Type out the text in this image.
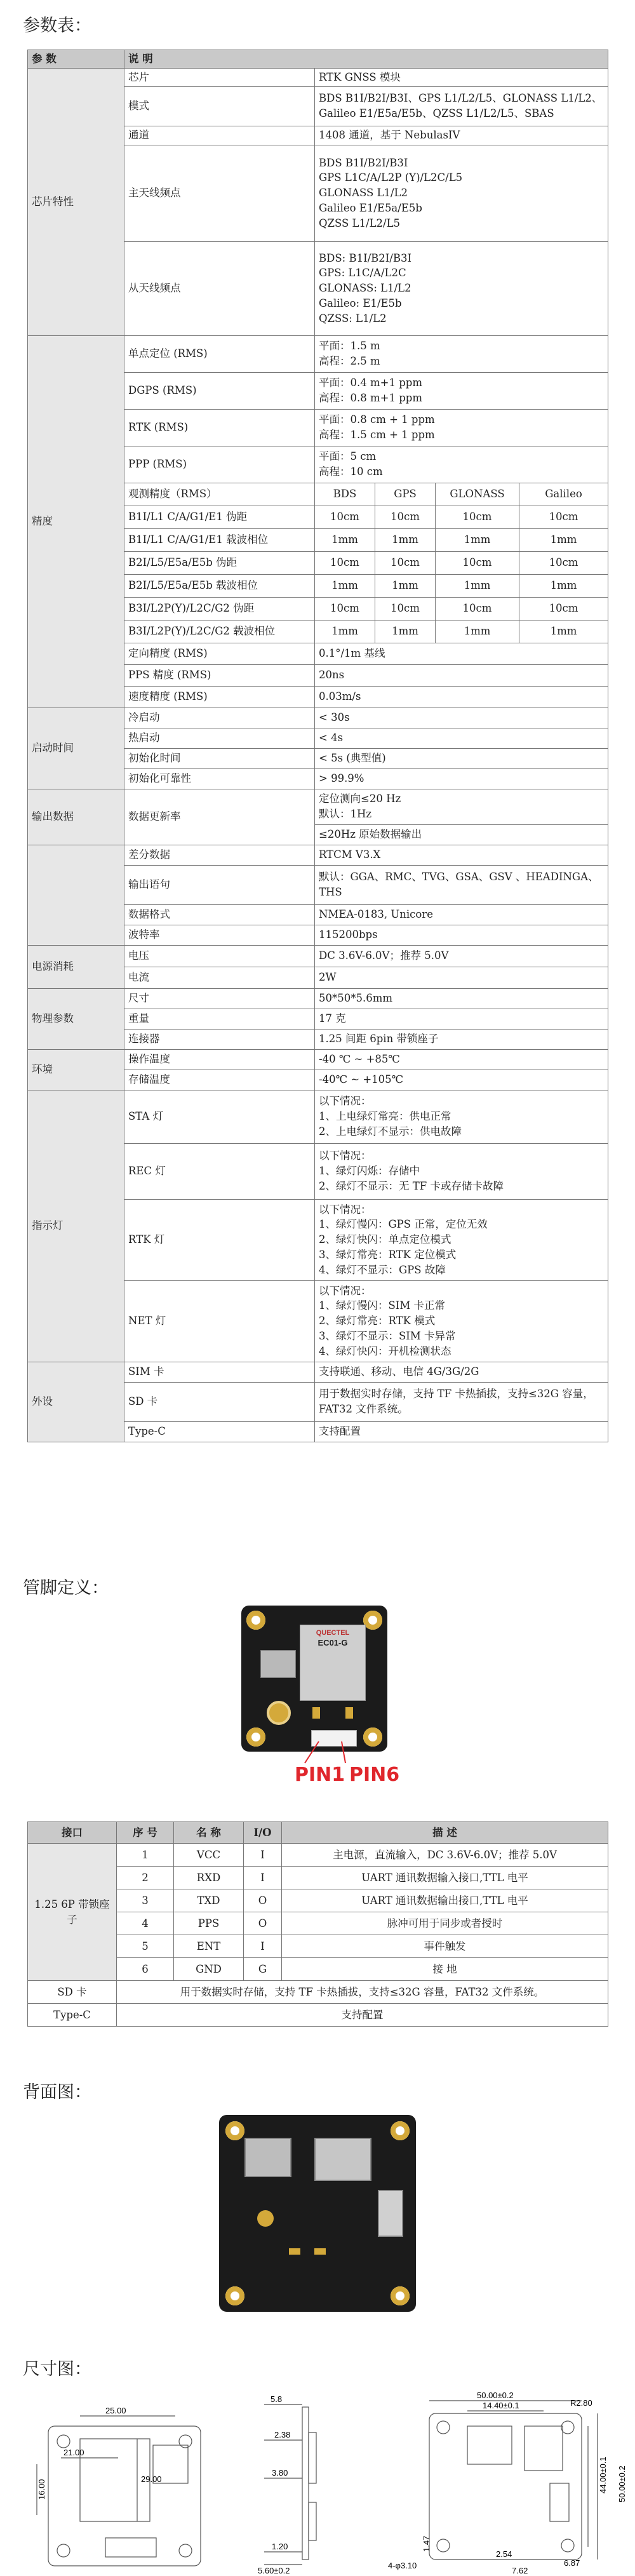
参数表：
参 数	说 明				
芯片特性	芯片	RTK GNSS 模块			
	模式	BDS B1I/B2I/B3I、GPS L1/L2/L5、GLONASS L1/L2、Galileo E1/E5a/E5b、QZSS L1/L2/L5、SBAS			
	通道	1408 通道，基于 NebulasIV			
	主天线频点	BDS B1I/B2I/B3I
GPS L1C/A/L2P (Y)/L2C/L5
GLONASS L1/L2
Galileo E1/E5a/E5b
QZSS L1/L2/L5			
	从天线频点	BDS: B1I/B2I/B3I
GPS: L1C/A/L2C
GLONASS: L1/L2
Galileo: E1/E5b
QZSS: L1/L2			
精度	单点定位 (RMS)	平面：1.5 m
高程：2.5 m			
	DGPS (RMS)	平面：0.4 m+1 ppm
高程：0.8 m+1 ppm			
	RTK (RMS)	平面：0.8 cm + 1 ppm
高程：1.5 cm + 1 ppm			
	PPP (RMS)	平面：5 cm
高程：10 cm			
	观测精度（RMS）	BDS	GPS	GLONASS	Galileo
	B1I/L1 C/A/G1/E1 伪距	10cm	10cm	10cm	10cm
	B1I/L1 C/A/G1/E1 载波相位	1mm	1mm	1mm	1mm
	B2I/L5/E5a/E5b 伪距	10cm	10cm	10cm	10cm
	B2I/L5/E5a/E5b 载波相位	1mm	1mm	1mm	1mm
	B3I/L2P(Y)/L2C/G2 伪距	10cm	10cm	10cm	10cm
	B3I/L2P(Y)/L2C/G2 载波相位	1mm	1mm	1mm	1mm
	定向精度 (RMS)	0.1°/1m 基线			
	PPS 精度 (RMS)	20ns			
	速度精度 (RMS)	0.03m/s			
启动时间	冷启动	< 30s			
	热启动	< 4s			
	初始化时间	< 5s (典型值)			
	初始化可靠性	> 99.9%			
输出数据	数据更新率	定位测向≤20 Hz
默认：1Hz			
		≤20Hz 原始数据输出			
	差分数据	RTCM V3.X			
	输出语句	默认：GGA、RMC、TVG、GSA、GSV 、HEADINGA、THS			
	数据格式	NMEA-0183, Unicore			
	波特率	115200bps			
电源消耗	电压	DC 3.6V-6.0V；推荐 5.0V			
	电流	2W			
物理参数	尺寸	50*50*5.6mm			
	重量	17 克			
	连接器	1.25 间距 6pin 带锁座子			
环境	操作温度	-40 ℃ ~ +85℃			
	存储温度	-40℃ ~ +105℃			
指示灯	STA 灯	以下情况：
1、上电绿灯常亮：供电正常
2、上电绿灯不显示：供电故障			
	REC 灯	以下情况：
1、绿灯闪烁：存储中
2、绿灯不显示：无 TF 卡或存储卡故障			
	RTK 灯	以下情况：
1、绿灯慢闪：GPS 正常，定位无效
2、绿灯快闪：单点定位模式
3、绿灯常亮：RTK 定位模式
4、绿灯不显示：GPS 故障			
	NET 灯	以下情况：
1、绿灯慢闪：SIM 卡正常
2、绿灯常亮：RTK 模式
3、绿灯不显示：SIM 卡异常
4、绿灯快闪：开机检测状态			
外设	SIM 卡	支持联通、移动、电信 4G/3G/2G			
	SD 卡	用于数据实时存储，支持 TF 卡热插拔，支持≤32G 容量，FAT32 文件系统。			
	Type-C	支持配置			
管脚定义：
QUECTEL
EC01-G
PIN1 PIN6
接口	序 号	名 称	I/O	描 述
1.25 6P 带锁座子	1	VCC	I	主电源，直流输入，DC 3.6V-6.0V；推荐 5.0V
	2	RXD	I	UART 通讯数据输入接口,TTL 电平
	3	TXD	O	UART 通讯数据输出接口,TTL 电平
	4	PPS	O	脉冲可用于同步或者授时
	5	ENT	I	事件触发
	6	GND	G	接 地
SD 卡	用于数据实时存储，支持 TF 卡热插拔，支持≤32G 容量，FAT32 文件系统。			
Type-C	支持配置			
背面图：
尺寸图：
25.00
21.00
29.00
16.00
5.8
2.38
3.80
1.20
5.60±0.2
50.00±0.2
14.40±0.1	R2.80
44.00±0.1 50.00±0.2
4-φ3.10
1.47
2.54
6.87
7.62
